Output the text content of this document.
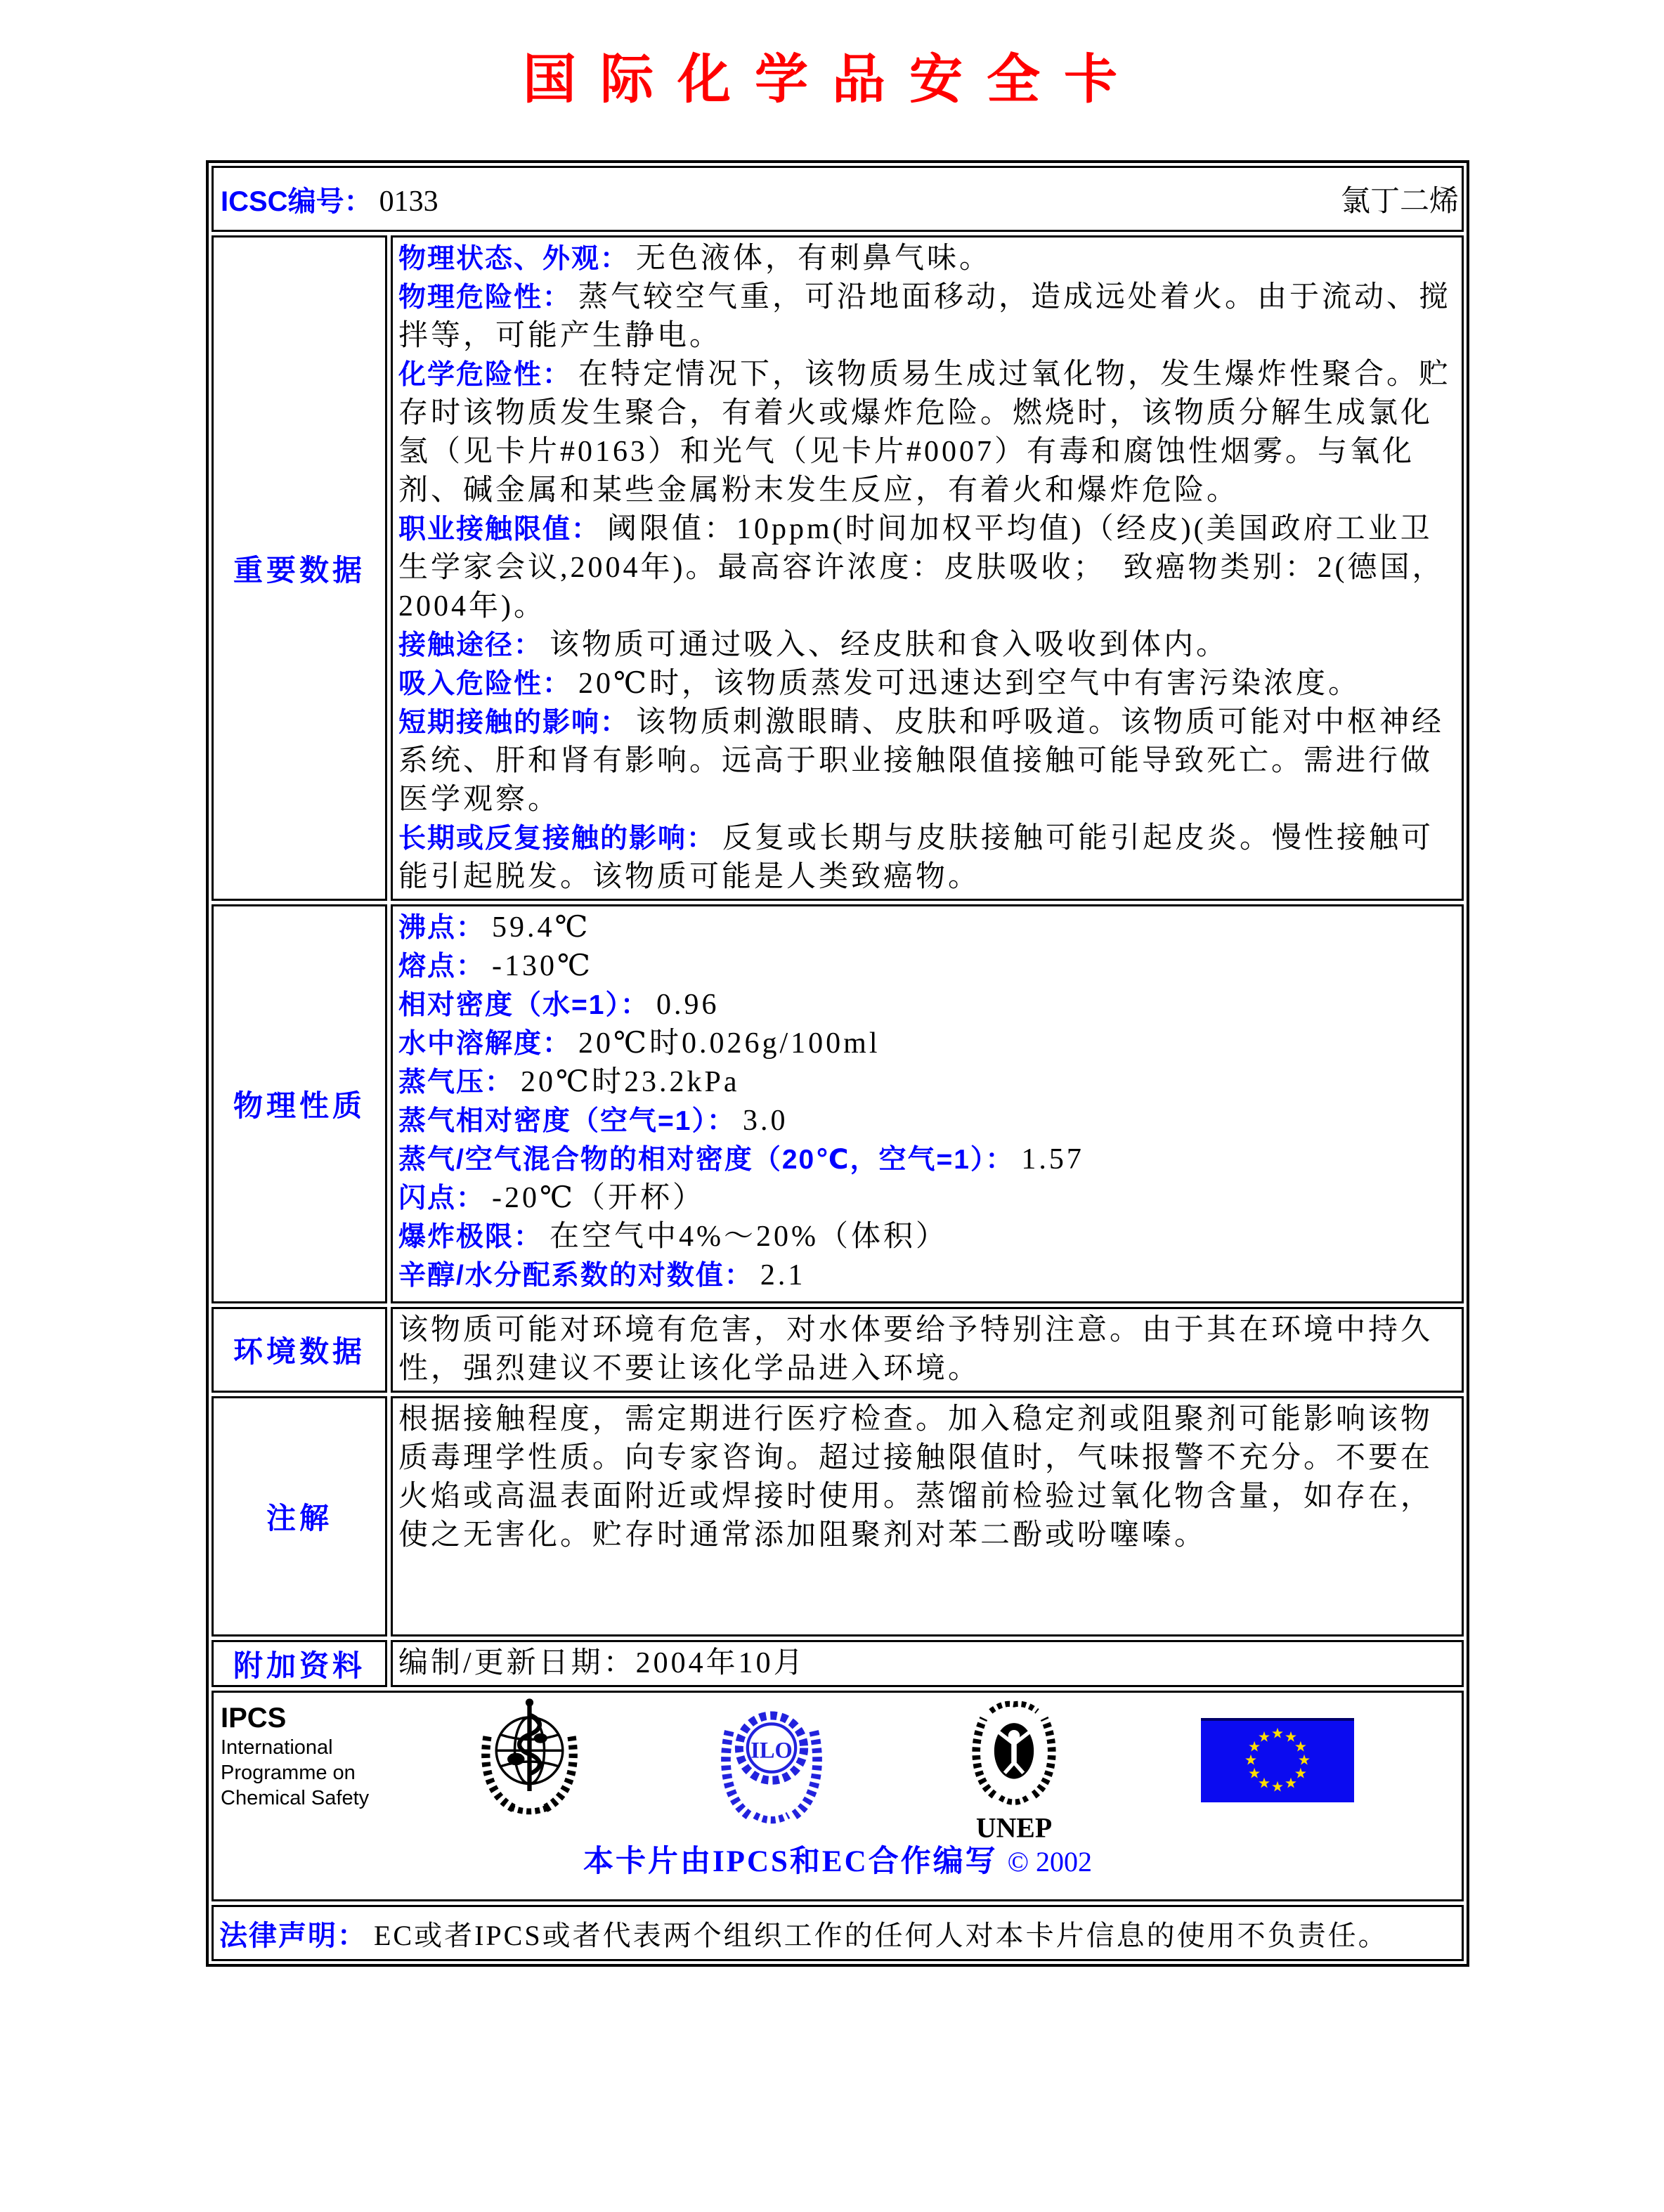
国际化学品安全卡
ICSC编号： 0133	氯丁二烯
重要数据

物理状态、外观： 无色液体，有刺鼻气味。

物理危险性： 蒸气较空气重，可沿地面移动，造成远处着火。由于流动、搅拌等，可能产生静电。

化学危险性： 在特定情况下，该物质易生成过氧化物，发生爆炸性聚合。贮存时该物质发生聚合，有着火或爆炸危险。燃烧时，该物质分解生成氯化氢（见卡片#0163）和光气（见卡片#0007）有毒和腐蚀性烟雾。与氧化剂、碱金属和某些金属粉末发生反应，有着火和爆炸危险。

职业接触限值： 阈限值：10ppm(时间加权平均值)（经皮)(美国政府工业卫生学家会议,2004年)。最高容许浓度：皮肤吸收；　致癌物类别：2(德国，2004年)。

接触途径： 该物质可通过吸入、经皮肤和食入吸收到体内。

吸入危险性： 20℃时，该物质蒸发可迅速达到空气中有害污染浓度。

短期接触的影响： 该物质刺激眼睛、皮肤和呼吸道。该物质可能对中枢神经系统、肝和肾有影响。远高于职业接触限值接触可能导致死亡。需进行做医学观察。

长期或反复接触的影响： 反复或长期与皮肤接触可能引起皮炎。慢性接触可能引起脱发。该物质可能是人类致癌物。

物理性质

沸点： 59.4℃

熔点： -130℃

相对密度（水=1）： 0.96

水中溶解度： 20℃时0.026g/100ml

蒸气压： 20℃时23.2kPa

蒸气相对密度（空气=1）： 3.0

蒸气/空气混合物的相对密度（20℃，空气=1）： 1.57

闪点： -20℃（开杯）

爆炸极限： 在空气中4%～20%（体积）

辛醇/水分配系数的对数值： 2.1

环境数据

该物质可能对环境有危害，对水体要给予特别注意。由于其在环境中持久性，强烈建议不要让该化学品进入环境。

注解

根据接触程度，需定期进行医疗检查。加入稳定剂或阻聚剂可能影响该物质毒理学性质。向专家咨询。超过接触限值时，气味报警不充分。不要在火焰或高温表面附近或焊接时使用。蒸馏前检验过氧化物含量，如存在，使之无害化。贮存时通常添加阻聚剂对苯二酚或吩噻嗪。

附加资料	编制/更新日期：2004年10月

IPCS
International
Programme on
Chemical Safety
ILO
UNEP
本卡片由IPCS和EC合作编写 © 2002
法律声明： EC或者IPCS或者代表两个组织工作的任何人对本卡片信息的使用不负责任。
